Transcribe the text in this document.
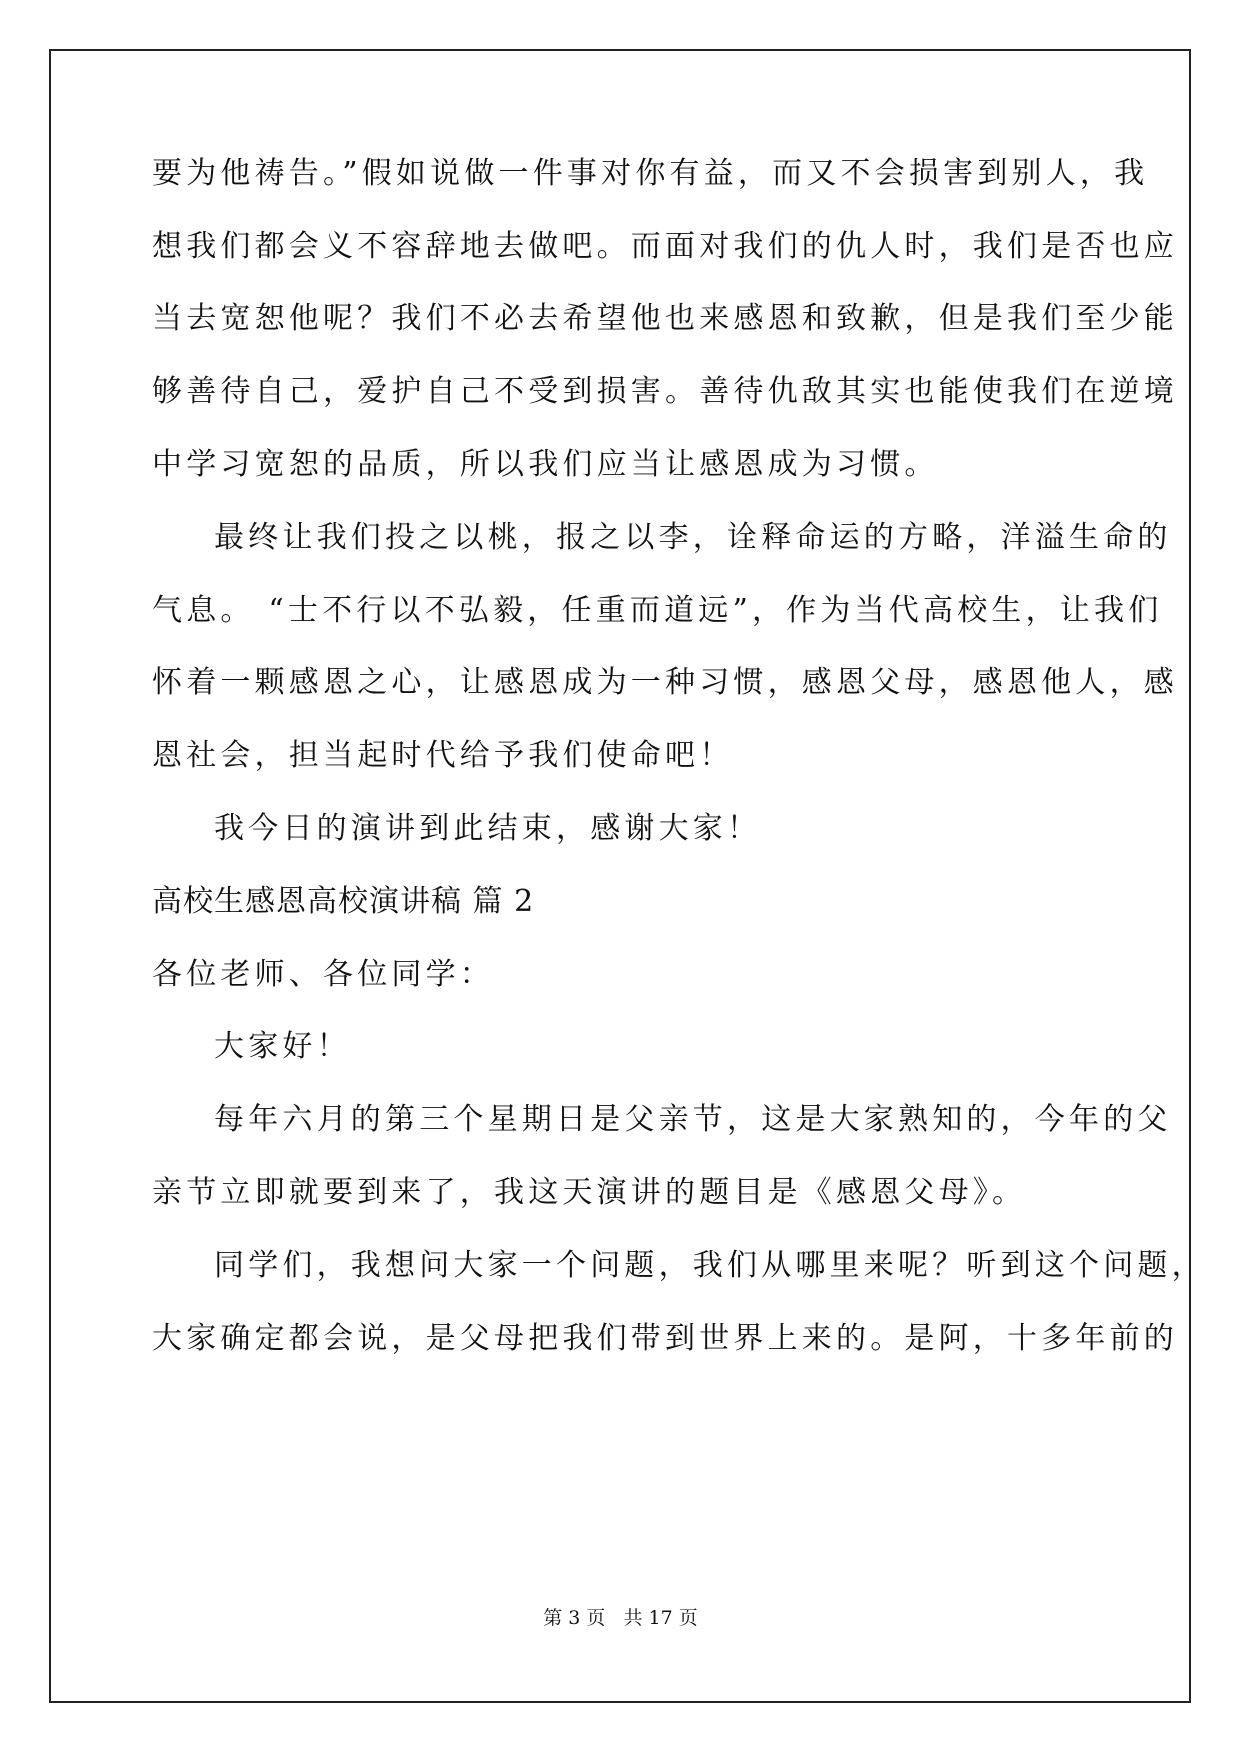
要为他祷告。”假如说做一件事对你有益，而又不会损害到别人，我
想我们都会义不容辞地去做吧。而面对我们的仇人时，我们是否也应
当去宽恕他呢？我们不必去希望他也来感恩和致歉，但是我们至少能
够善待自己，爱护自己不受到损害。善待仇敌其实也能使我们在逆境
中学习宽恕的品质，所以我们应当让感恩成为习惯。
最终让我们投之以桃，报之以李，诠释命运的方略，洋溢生命的
气息。 “士不行以不弘毅，任重而道远”，作为当代高校生，让我们
怀着一颗感恩之心，让感恩成为一种习惯，感恩父母，感恩他人，感
恩社会，担当起时代给予我们使命吧！
我今日的演讲到此结束，感谢大家！
高校生感恩高校演讲稿 篇 2
各位老师、各位同学：
大家好！
每年六月的第三个星期日是父亲节，这是大家熟知的，今年的父
亲节立即就要到来了，我这天演讲的题目是《感恩父母》。
同学们，我想问大家一个问题，我们从哪里来呢？听到这个问题，
大家确定都会说，是父母把我们带到世界上来的。是阿，十多年前的
第 3 页 共 17 页
